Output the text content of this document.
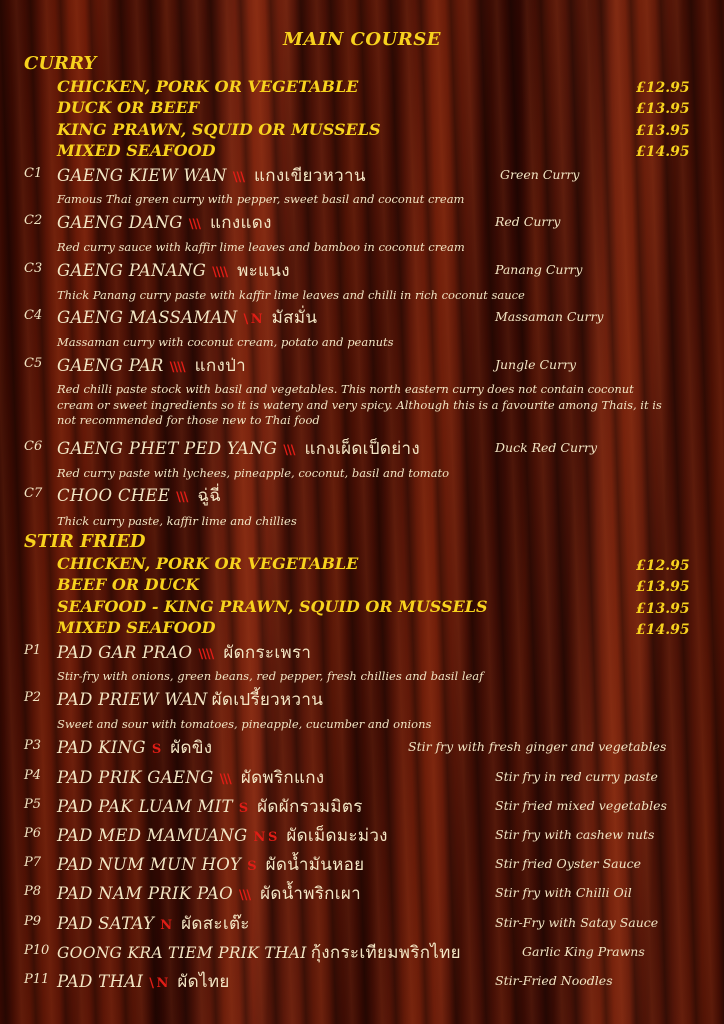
MAIN COURSE
CURRY
CHICKEN, PORK OR VEGETABLE	£12.95
DUCK OR BEEF	£13.95
KING PRAWN, SQUID OR MUSSELS	£13.95
MIXED SEAFOOD	£14.95
C1 GAENG KIEW WAN \\\ แกงเขียวหวาน	Green Curry
Famous Thai green curry with pepper, sweet basil and coconut cream
C2 GAENG DANG \\\ แกงแดง	Red Curry
Red curry sauce with kaffir lime leaves and bamboo in coconut cream
C3 GAENG PANANG \\\\ พะแนง	Panang Curry
Thick Panang curry paste with kaffir lime leaves and chilli in rich coconut sauce
C4 GAENG MASSAMAN \ N มัสมั่น	Massaman Curry
Massaman curry with coconut cream, potato and peanuts
C5 GAENG PAR \\\\ แกงป่า	Jungle Curry
Red chilli paste stock with basil and vegetables. This north eastern curry does not contain coconut cream or sweet ingredients so it is watery and very spicy. Although this is a favourite among Thais, it is not recommended for those new to Thai food
C6 GAENG PHET PED YANG \\\ แกงเผ็ดเป็ดย่าง	Duck Red Curry
Red curry paste with lychees, pineapple, coconut, basil and tomato
C7 CHOO CHEE \\\ ฉู่ฉี่
Thick curry paste, kaffir lime and chillies
STIR FRIED
CHICKEN, PORK OR VEGETABLE	£12.95
BEEF OR DUCK	£13.95
SEAFOOD - KING PRAWN, SQUID OR MUSSELS	£13.95
MIXED SEAFOOD	£14.95
P1 PAD GAR PRAO \\\\ ผัดกระเพรา
Stir-fry with onions, green beans, red pepper, fresh chillies and basil leaf
P2 PAD PRIEW WAN ผัดเปรี้ยวหวาน
Sweet and sour with tomatoes, pineapple, cucumber and onions
P3 PAD KING S ผัดขิง	Stir fry with fresh ginger and vegetables
P4 PAD PRIK GAENG \\\ ผัดพริกแกง	Stir fry in red curry paste
P5 PAD PAK LUAM MIT S ผัดผักรวมมิตร	Stir fried mixed vegetables
P6 PAD MED MAMUANG N S ผัดเม็ดมะม่วง	Stir fry with cashew nuts
P7 PAD NUM MUN HOY S ผัดน้ำมันหอย	Stir fried Oyster Sauce
P8 PAD NAM PRIK PAO \\\ ผัดน้ำพริกเผา	Stir fry with Chilli Oil
P9 PAD SATAY N ผัดสะเต๊ะ	Stir-Fry with Satay Sauce
P10 GOONG KRA TIEM PRIK THAI กุ้งกระเทียมพริกไทย	Garlic King Prawns
P11 PAD THAI \ N ผัดไทย	Stir-Fried Noodles
